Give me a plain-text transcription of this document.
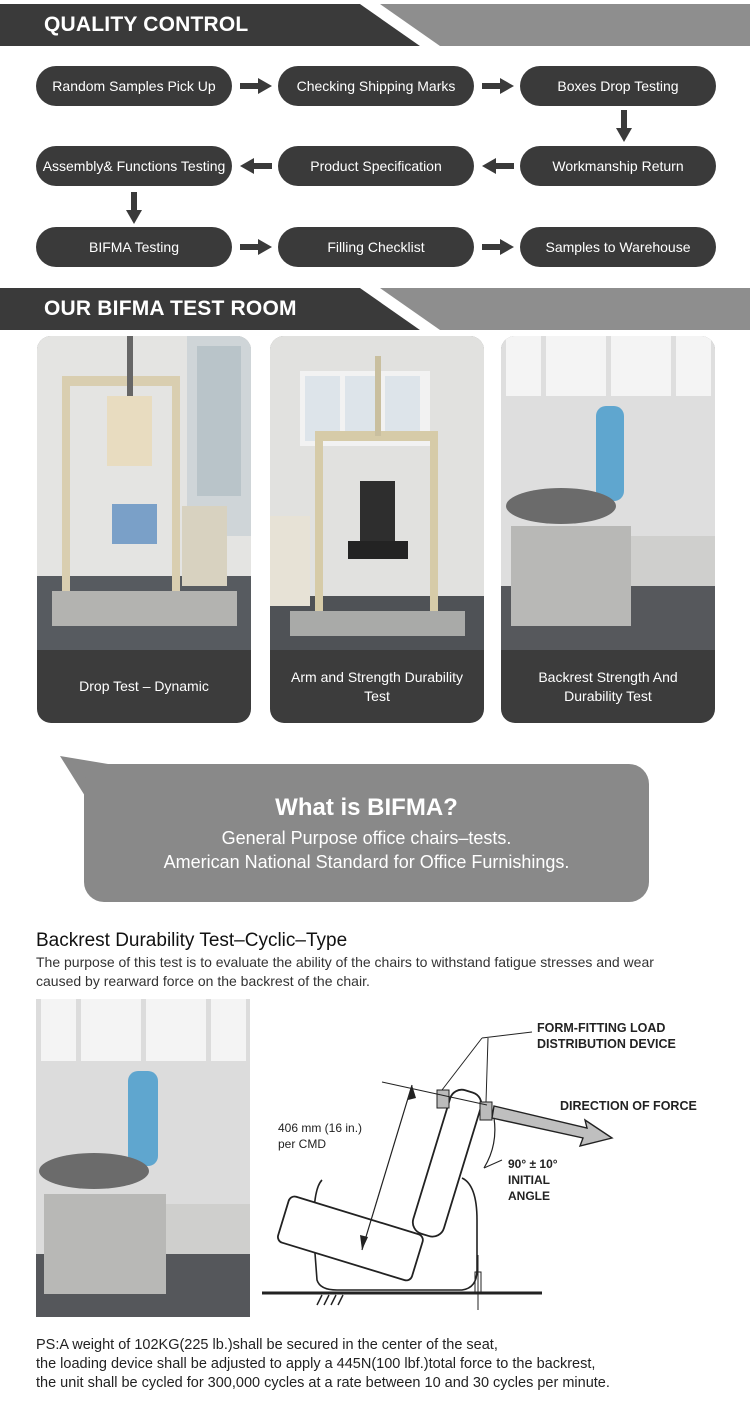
QUALITY CONTROL
Random Samples Pick Up	Checking Shipping Marks	Boxes Drop Testing
Assembly& Functions Testing	Product Specification	Workmanship Return
BIFMA Testing	Filling Checklist	Samples to Warehouse
OUR BIFMA TEST ROOM
Drop Test – Dynamic
Arm and Strength Durability Test
Backrest Strength And Durability Test
What is BIFMA?
General Purpose office chairs–tests.
American National Standard for Office Furnishings.
Backrest Durability Test–Cyclic–Type
The purpose of this test is to evaluate the ability of the chairs to withstand fatigue stresses and wear caused by rearward force on the backrest of the chair.
FORM-FITTING LOAD
DISTRIBUTION DEVICE
DIRECTION OF FORCE
406 mm (16 in.)
per CMD
90° ± 10°
INITIAL
ANGLE
PS:A weight of 102KG(225 lb.)shall be secured in the center of the seat,
the loading device shall be adjusted to apply a 445N(100 lbf.)total force to the backrest,
the unit shall be cycled for 300,000 cycles at a rate between 10 and 30 cycles per minute.
